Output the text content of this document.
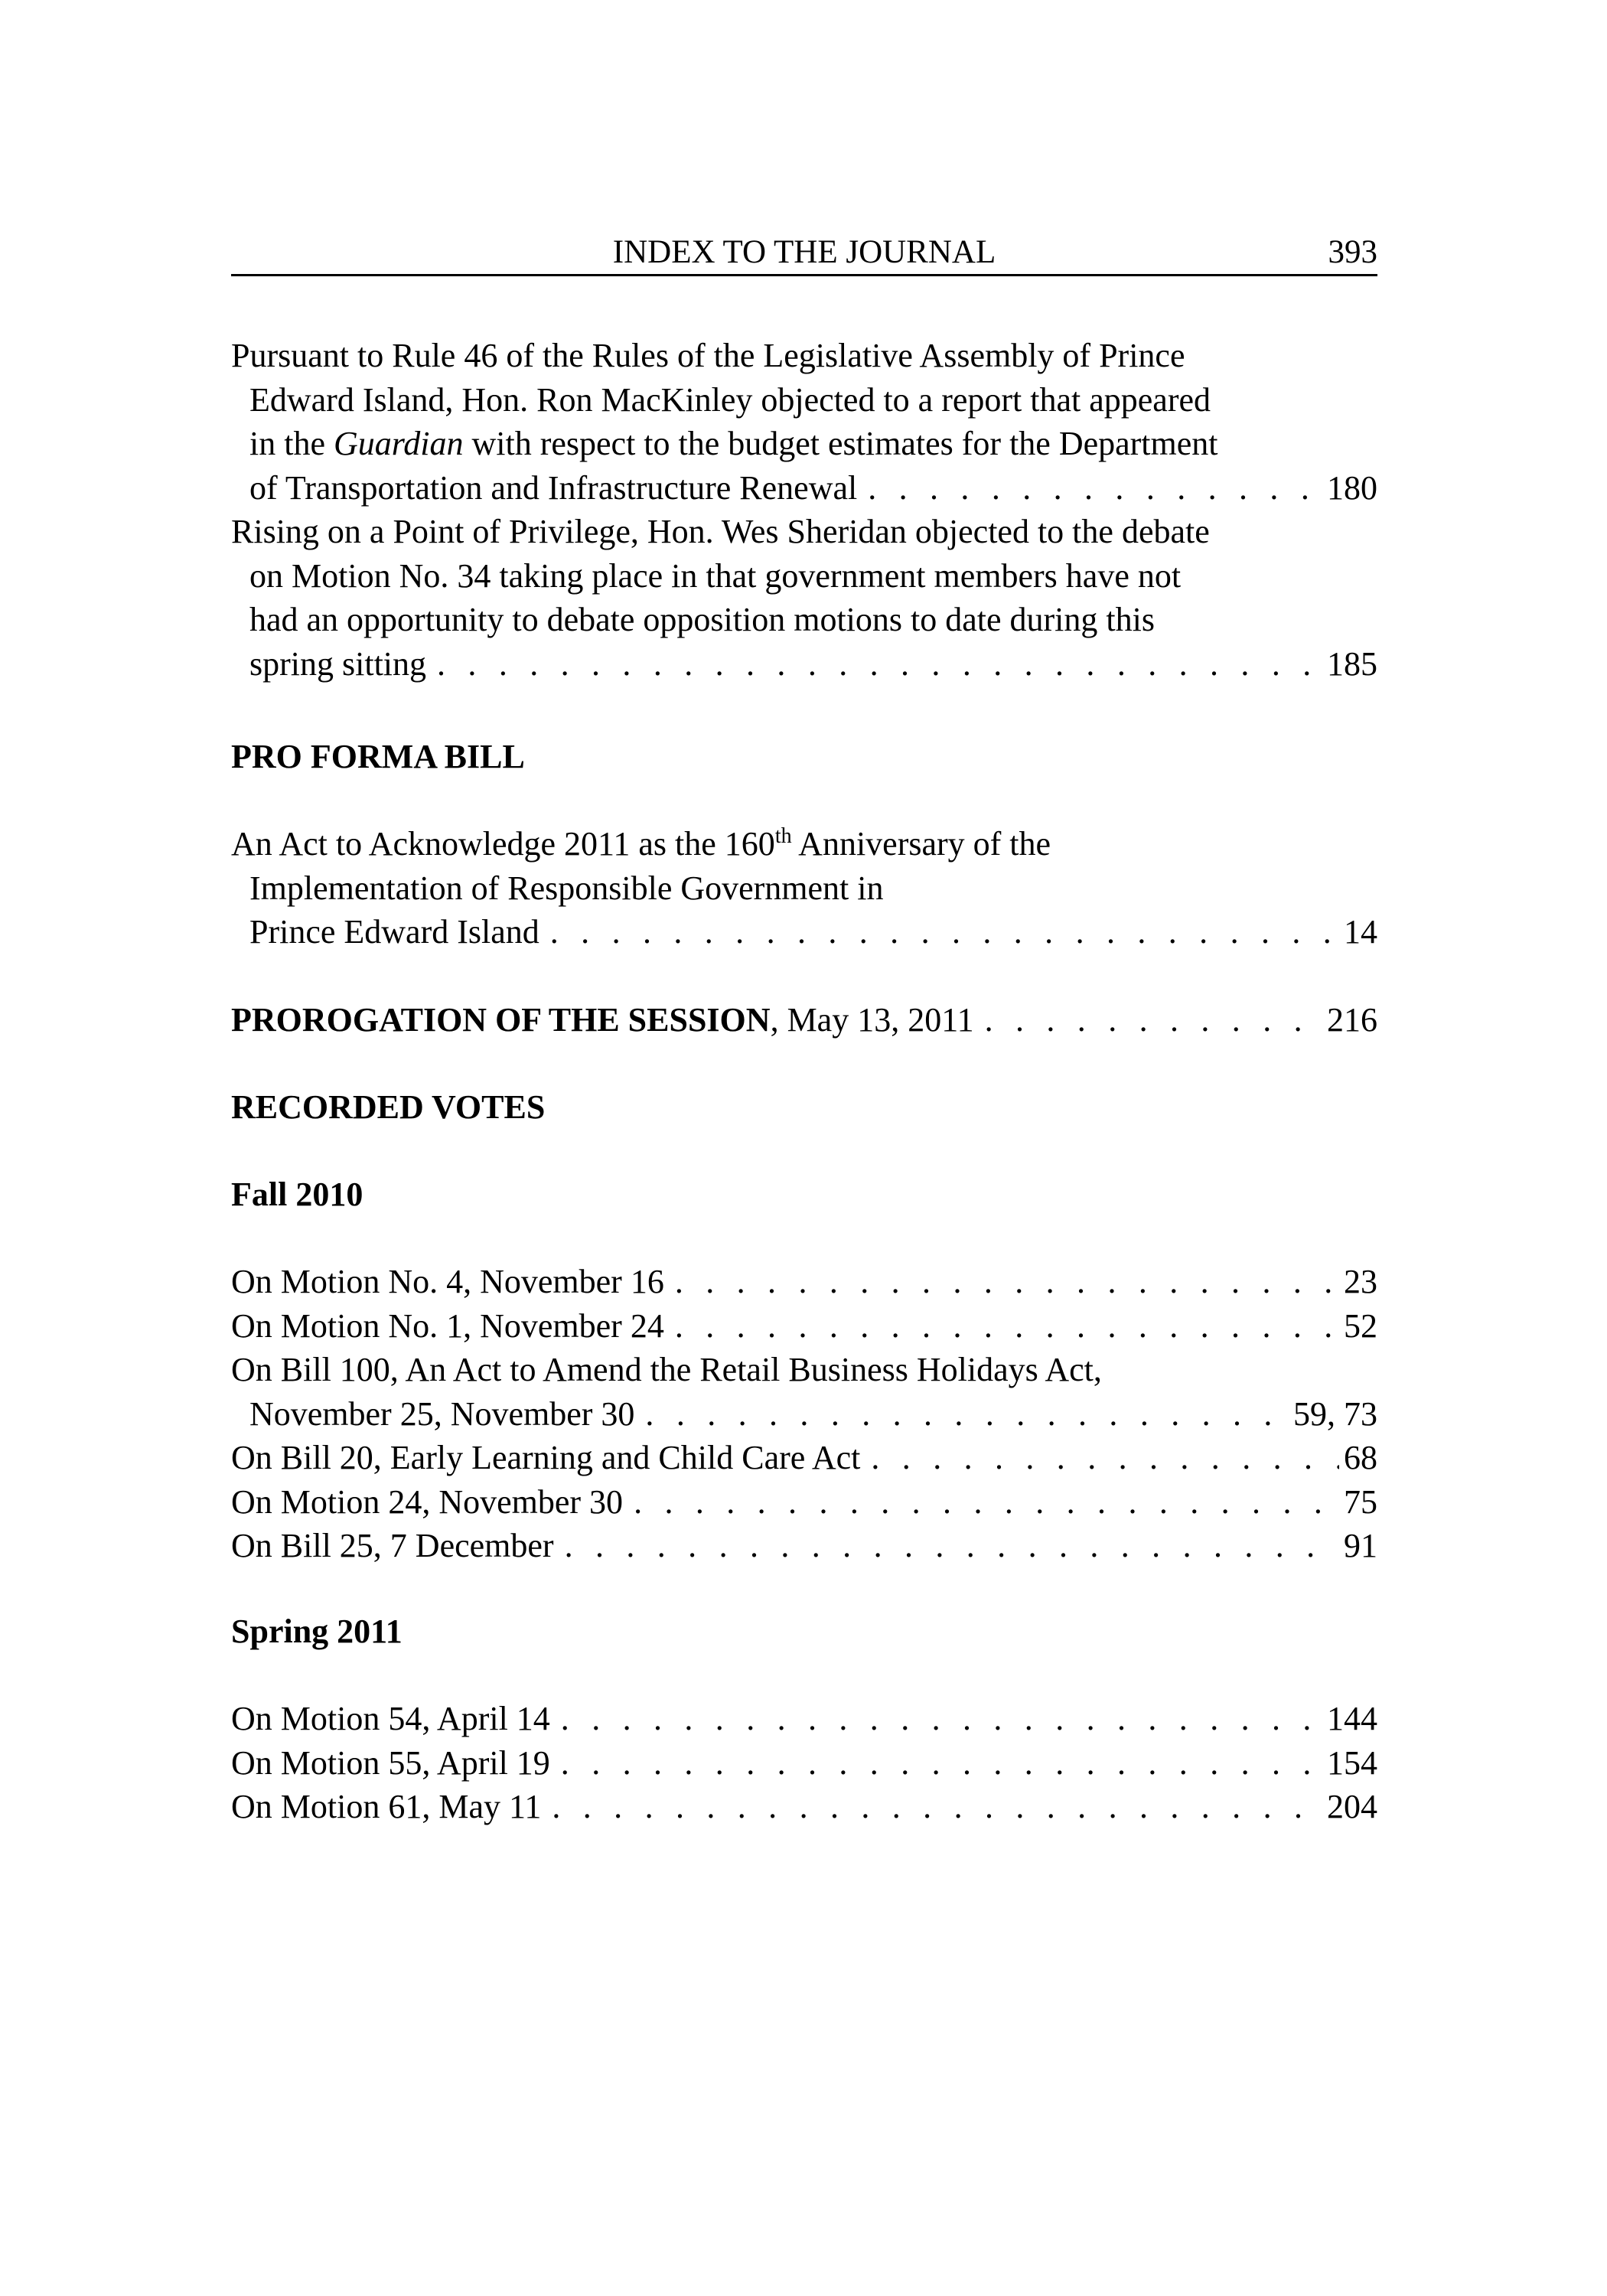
INDEX TO THE JOURNAL	393
Pursuant to Rule 46 of the Rules of the Legislative Assembly of Prince
Edward Island, Hon. Ron MacKinley objected to a report that appeared
in the Guardian with respect to the budget estimates for the Department
of Transportation and Infrastructure Renewal . . .	180
Rising on a Point of Privilege, Hon. Wes Sheridan objected to the debate
on Motion No. 34 taking place in that government members have not
had an opportunity to debate opposition motions to date during this
spring sitting . . .	185
PRO FORMA BILL
An Act to Acknowledge 2011 as the 160th Anniversary of the
Implementation of Responsible Government in
Prince Edward Island . . .	14
PROROGATION OF THE SESSION, May 13, 2011 . . .	216
RECORDED VOTES
Fall 2010
On Motion No. 4, November 16 . . .	23
On Motion No. 1, November 24 . . .	52
On Bill 100, An Act to Amend the Retail Business Holidays Act,
November 25, November 30 . . .	59, 73
On Bill 20, Early Learning and Child Care Act . . .	68
On Motion 24, November 30 . . .	75
On Bill 25, 7 December . . .	91
Spring 2011
On Motion 54, April 14 . . .	144
On Motion 55, April 19 . . .	154
On Motion 61, May 11 . . .	204
